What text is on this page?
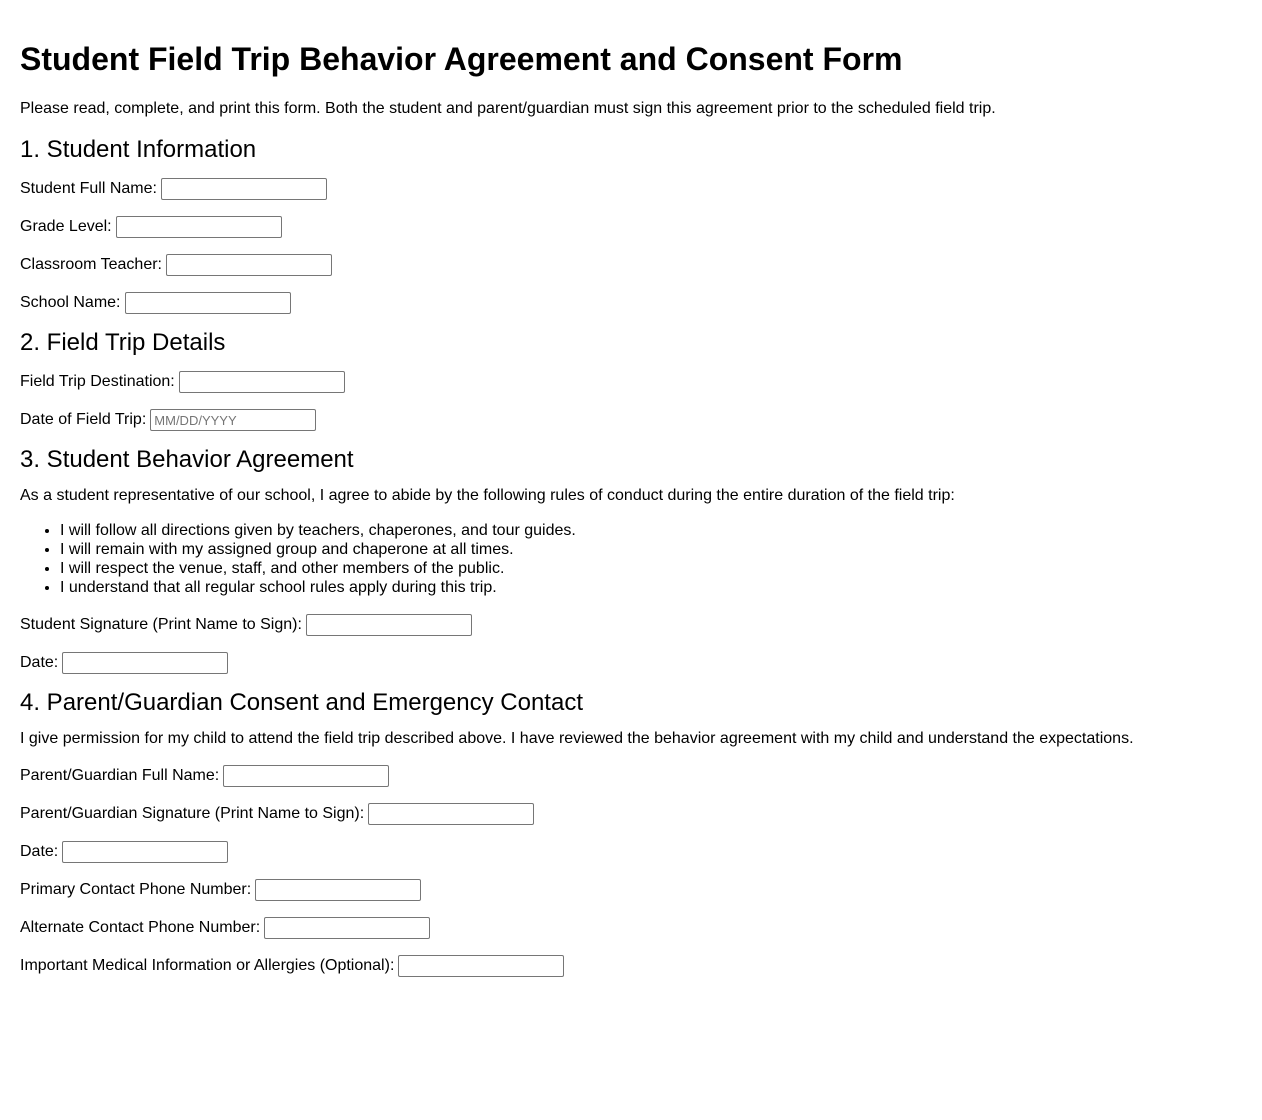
Student Field Trip Behavior Agreement and Consent Form

Please read, complete, and print this form. Both the student and parent/guardian must sign this agreement prior to the scheduled field trip.

1. Student Information
Student Full Name:
Grade Level:
Classroom Teacher:
School Name:
2. Field Trip Details
Field Trip Destination:
Date of Field Trip:
MM/DD/YYYY
3. Student Behavior Agreement

As a student representative of our school, I agree to abide by the following rules of conduct during the entire duration of the field trip:

• I will follow all directions given by teachers, chaperones, and tour guides.
• I will remain with my assigned group and chaperone at all times.
• I will respect the venue, staff, and other members of the public.
• I understand that all regular school rules apply during this trip.
Student Signature (Print Name to Sign):
Date:
4. Parent/Guardian Consent and Emergency Contact

I give permission for my child to attend the field trip described above. I have reviewed the behavior agreement with my child and understand the expectations.

Parent/Guardian Full Name:
Parent/Guardian Signature (Print Name to Sign):
Date:
Primary Contact Phone Number:
Alternate Contact Phone Number:
Important Medical Information or Allergies (Optional):
